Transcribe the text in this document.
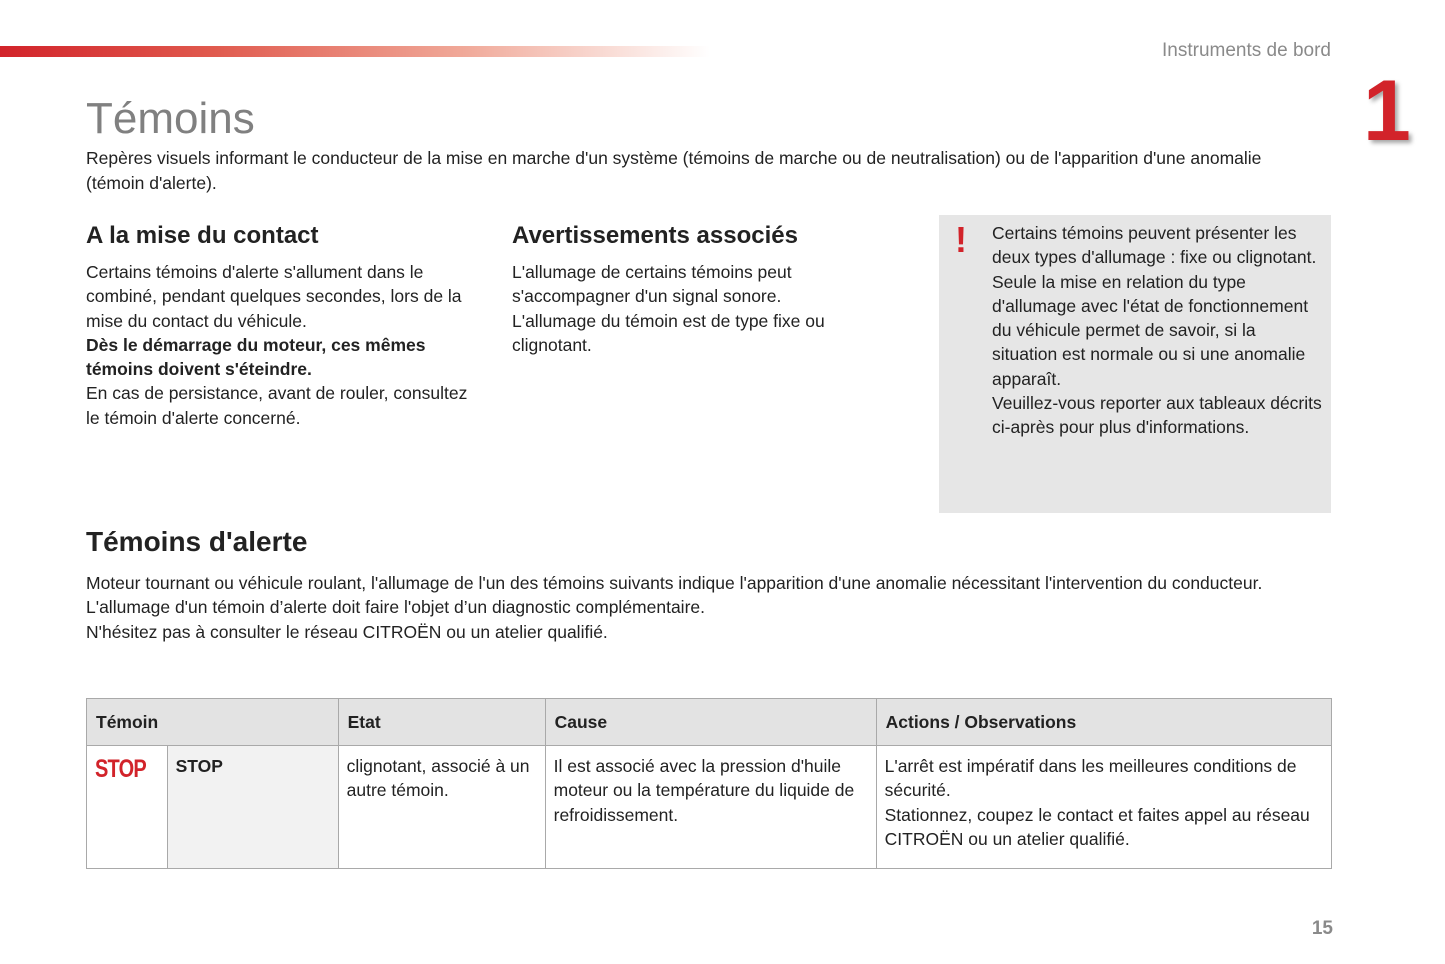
Instruments de bord
1
Témoins

Repères visuels informant le conducteur de la mise en marche d'un système (témoins de marche ou de neutralisation) ou de l'apparition d'une anomalie (témoin d'alerte).

A la mise du contact

Certains témoins d'alerte s'allument dans le combiné, pendant quelques secondes, lors de la mise du contact du véhicule.

Dès le démarrage du moteur, ces mêmes témoins doivent s'éteindre.

En cas de persistance, avant de rouler, consultez le témoin d'alerte concerné.

Avertissements associés

L'allumage de certains témoins peut s'accompagner d'un signal sonore.

L'allumage du témoin est de type fixe ou clignotant.

! Certains témoins peuvent présenter les deux types d'allumage : fixe ou clignotant.

Seule la mise en relation du type d'allumage avec l'état de fonctionnement du véhicule permet de savoir, si la situation est normale ou si une anomalie apparaît.

Veuillez-vous reporter aux tableaux décrits ci-après pour plus d'informations.

Témoins d'alerte

Moteur tournant ou véhicule roulant, l'allumage de l'un des témoins suivants indique l'apparition d'une anomalie nécessitant l'intervention du conducteur.

L'allumage d'un témoin d’alerte doit faire l'objet d’un diagnostic complémentaire.

N'hésitez pas à consulter le réseau CITROËN ou un atelier qualifié.

Témoin		Etat	Cause	Actions / Observations
STOP	STOP	clignotant, associé à un autre témoin.	Il est associé avec la pression d'huile moteur ou la température du liquide de refroidissement.	L'arrêt est impératif dans les meilleures conditions de sécurité.
Stationnez, coupez le contact et faites appel au réseau CITROËN ou un atelier qualifié.
15
